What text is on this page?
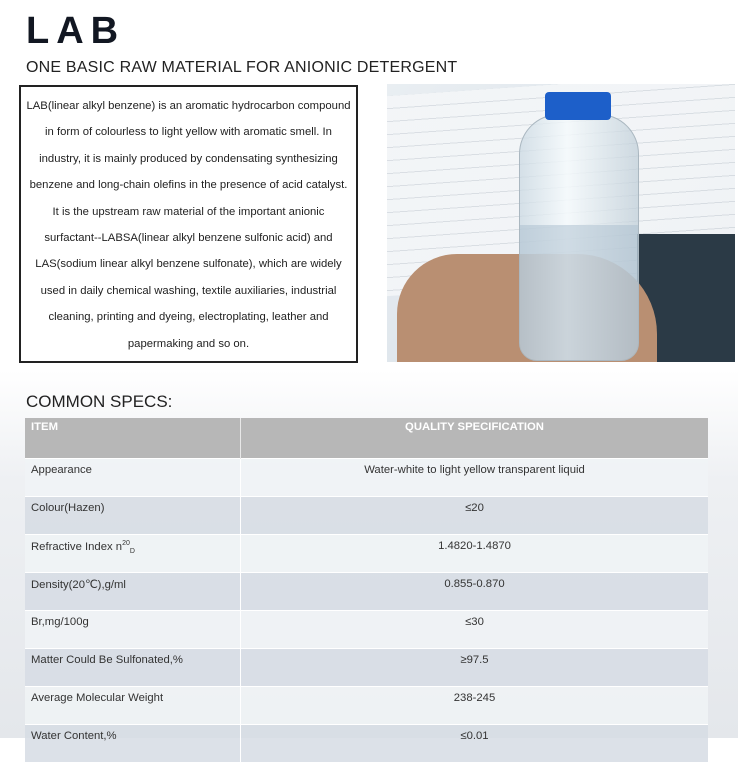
LAB
ONE BASIC RAW MATERIAL FOR ANIONIC DETERGENT

LAB(linear alkyl benzene) is an aromatic hydrocarbon compound in form of colourless to light yellow with aromatic smell. In industry, it is mainly produced by condensating synthesizing benzene and long-chain olefins in the presence of acid catalyst. It is the upstream raw material of the important anionic surfactant--LABSA(linear alkyl benzene sulfonic acid) and LAS(sodium linear alkyl benzene sulfonate), which are widely used in daily chemical washing, textile auxiliaries, industrial cleaning, printing and dyeing, electroplating, leather and papermaking and so on.

COMMON SPECS:
ITEM	QUALITY SPECIFICATION
Appearance	Water-white to light yellow transparent liquid
Colour(Hazen)	≤20
Refractive Index $n^{20}_D$	1.4820-1.4870
Density(20℃),g/ml	0.855-0.870
Br,mg/100g	≤30
Matter Could Be Sulfonated,%	≥97.5
Average Molecular Weight	238-245
Water Content,%	≤0.01
